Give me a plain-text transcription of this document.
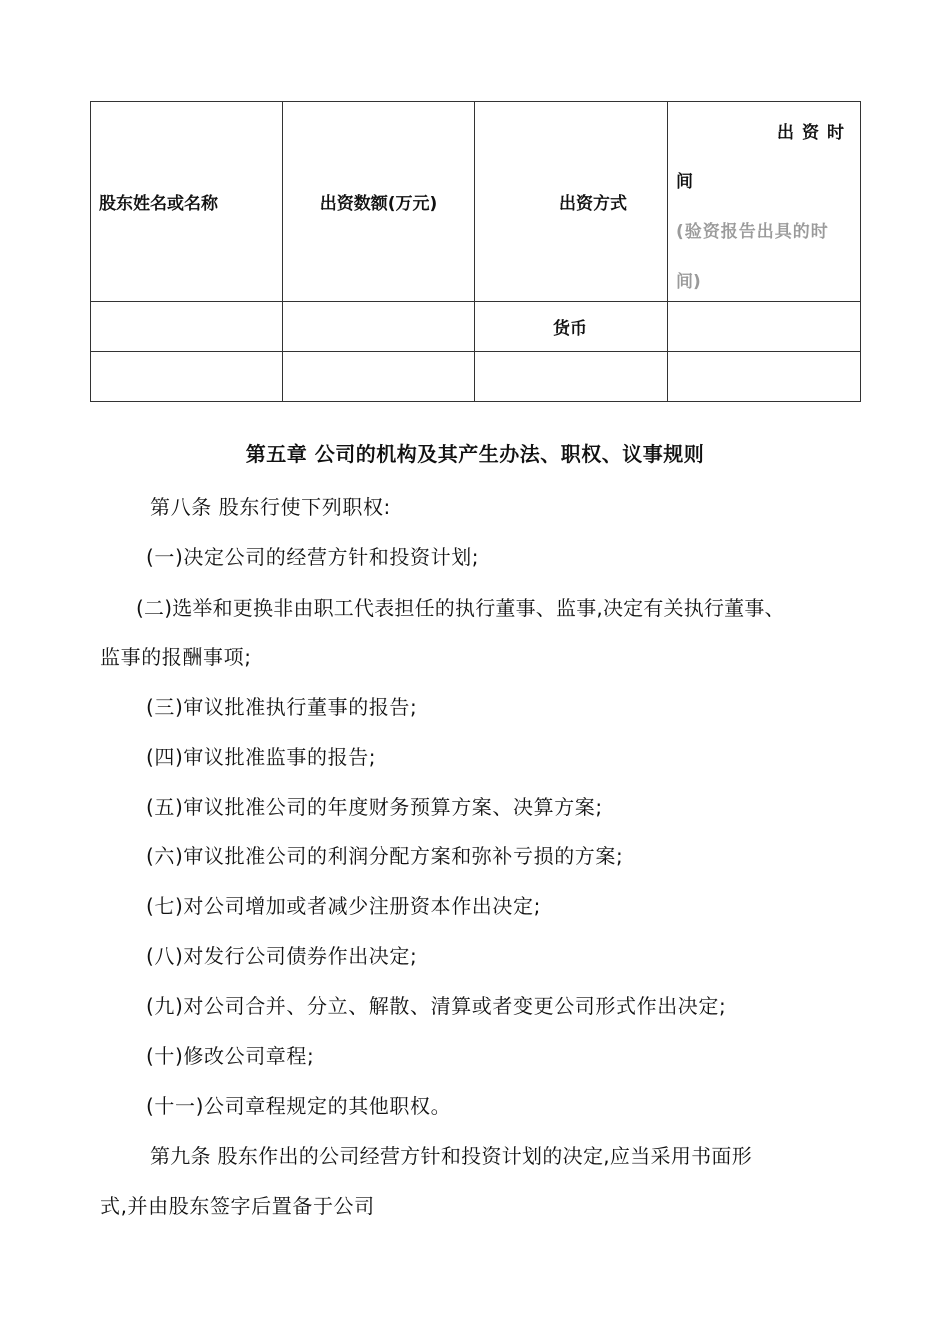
股东姓名或名称	出资数额(万元)	出资方式	出资时
间
(验资报告出具的时
间)

		货币	

第五章 公司的机构及其产生办法、职权、议事规则
第八条 股东行使下列职权:
(一)决定公司的经营方针和投资计划;
(二)选举和更换非由职工代表担任的执行董事、监事,决定有关执行董事、
监事的报酬事项;
(三)审议批准执行董事的报告;
(四)审议批准监事的报告;
(五)审议批准公司的年度财务预算方案、决算方案;
(六)审议批准公司的利润分配方案和弥补亏损的方案;
(七)对公司增加或者减少注册资本作出决定;
(八)对发行公司债券作出决定;
(九)对公司合并、分立、解散、清算或者变更公司形式作出决定;
(十)修改公司章程;
(十一)公司章程规定的其他职权。
第九条 股东作出的公司经营方针和投资计划的决定,应当采用书面形
式,并由股东签字后置备于公司
